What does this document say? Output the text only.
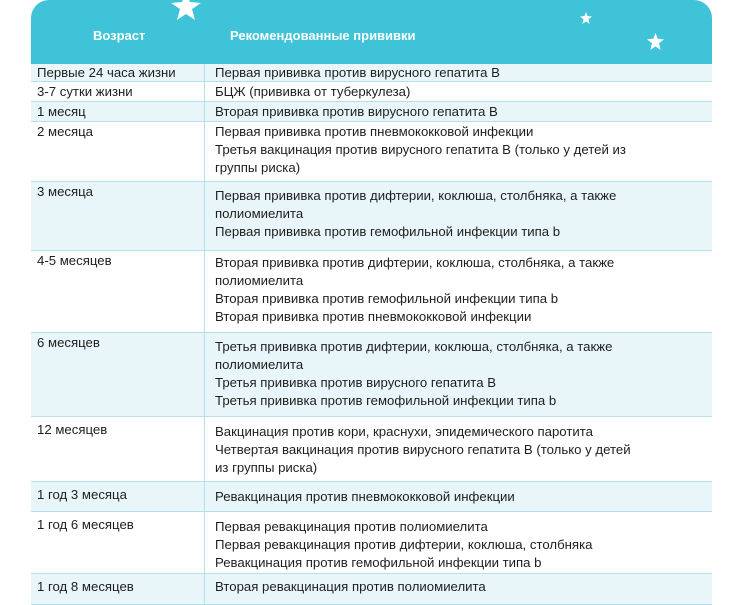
Возраст	Рекомендованные прививки
Первые 24 часа жизни	Первая прививка против вирусного гепатита В
3-7 сутки жизни	БЦЖ (прививка от туберкулеза)
1 месяц	Вторая прививка против вирусного гепатита В
2 месяца	Первая прививка против пневмококковой инфекции
Третья вакцинация против вирусного гепатита В (только у детей из
группы риска)
3 месяца	Первая прививка против дифтерии, коклюша, столбняка, а также
полиомиелита
Первая прививка против гемофильной инфекции типа b
4-5 месяцев	Вторая прививка против дифтерии, коклюша, столбняка, а также
полиомиелита
Вторая прививка против гемофильной инфекции типа b
Вторая прививка против пневмококковой инфекции
6 месяцев	Третья прививка против дифтерии, коклюша, столбняка, а также
полиомиелита
Третья прививка против вирусного гепатита В
Третья прививка против гемофильной инфекции типа b
12 месяцев	Вакцинация против кори, краснухи, эпидемического паротита
Четвертая вакцинация против вирусного гепатита В (только у детей
из группы риска)
1 год 3 месяца	Ревакцинация против пневмококковой инфекции
1 год 6 месяцев	Первая ревакцинация против полиомиелита
Первая ревакцинация против дифтерии, коклюша, столбняка
Ревакцинация против гемофильной инфекции типа b
1 год 8 месяцев	Вторая ревакцинация против полиомиелита
